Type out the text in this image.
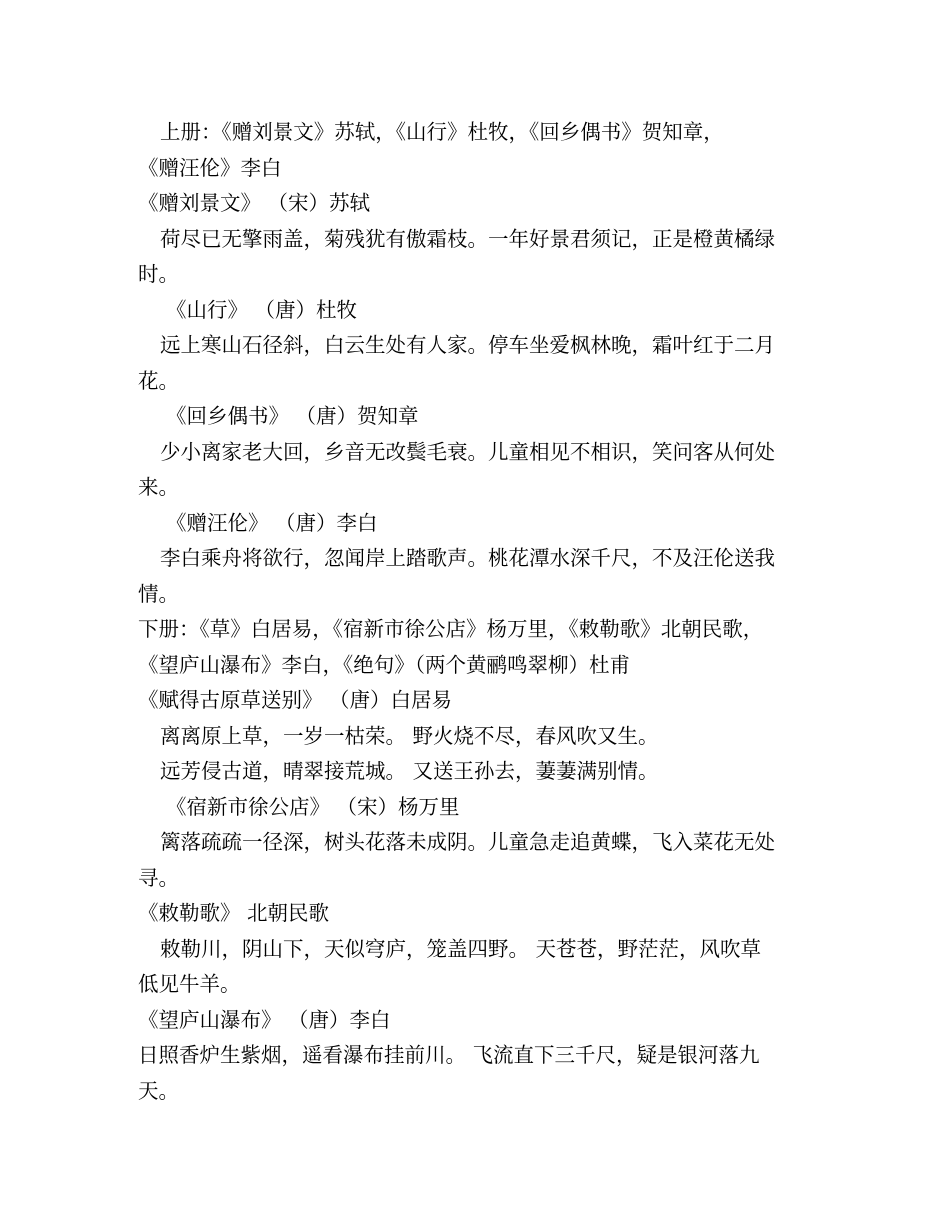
上册：《赠刘景文》苏轼，《山行》杜牧，《回乡偶书》贺知章，

《赠汪伦》李白

《赠刘景文》 （宋）苏轼

荷尽已无擎雨盖，菊残犹有傲霜枝。一年好景君须记，正是橙黄橘绿

时。

《山行》 （唐）杜牧

远上寒山石径斜，白云生处有人家。停车坐爱枫林晚，霜叶红于二月

花。

《回乡偶书》 （唐）贺知章

少小离家老大回，乡音无改鬓毛衰。儿童相见不相识，笑问客从何处

来。

《赠汪伦》 （唐）李白

李白乘舟将欲行，忽闻岸上踏歌声。桃花潭水深千尺，不及汪伦送我

情。

下册：《草》白居易，《宿新市徐公店》杨万里，《敕勒歌》北朝民歌，

《望庐山瀑布》李白，《绝句》（两个黄鹂鸣翠柳）杜甫

《赋得古原草送别》 （唐）白居易

离离原上草，一岁一枯荣。 野火烧不尽，春风吹又生。

远芳侵古道，晴翠接荒城。 又送王孙去，萋萋满别情。

《宿新市徐公店》 （宋）杨万里

篱落疏疏一径深，树头花落未成阴。儿童急走追黄蝶，飞入菜花无处

寻。

《敕勒歌》 北朝民歌

敕勒川，阴山下，天似穹庐，笼盖四野。 天苍苍，野茫茫，风吹草

低见牛羊。

《望庐山瀑布》 （唐）李白

日照香炉生紫烟，遥看瀑布挂前川。 飞流直下三千尺，疑是银河落九

天。
